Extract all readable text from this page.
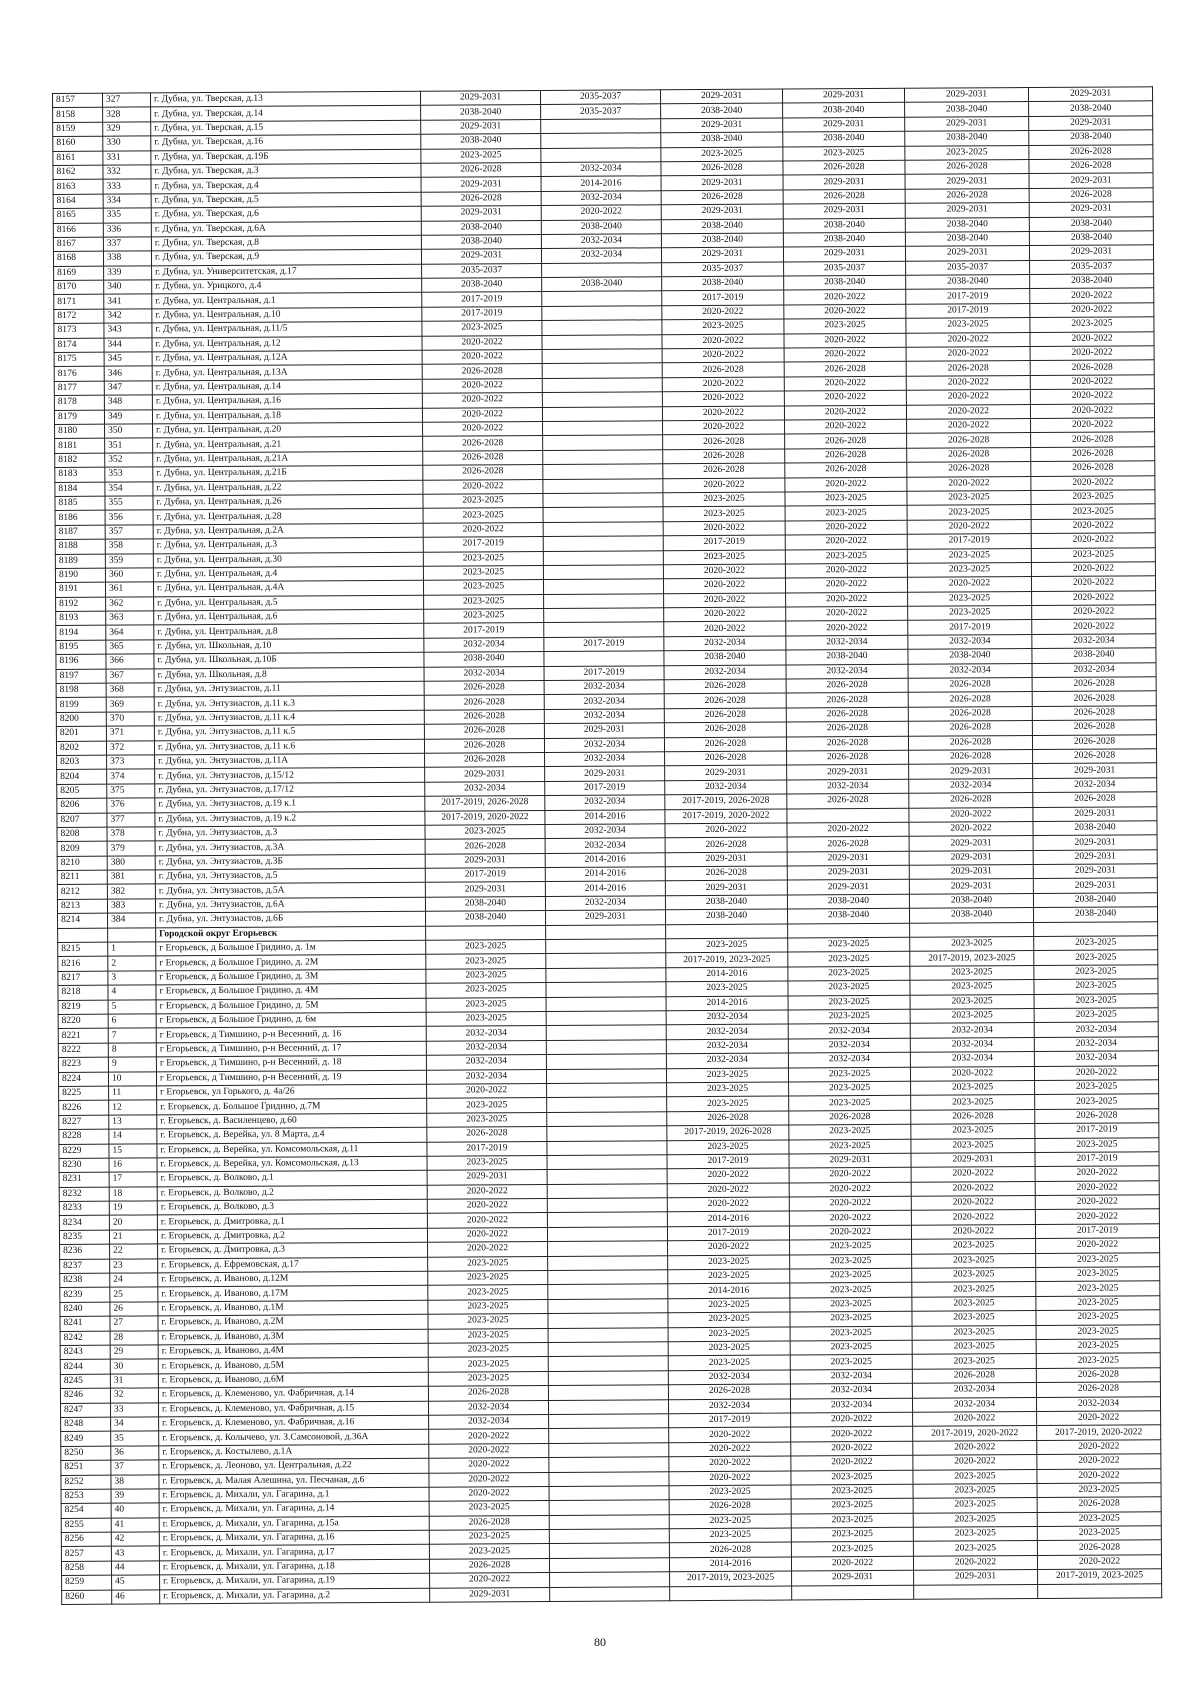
8157	327	г. Дубна, ул. Тверская, д.13	2029-2031	2035-2037	2029-2031	2029-2031	2029-2031	2029-2031
8158	328	г. Дубна, ул. Тверская, д.14	2038-2040	2035-2037	2038-2040	2038-2040	2038-2040	2038-2040
8159	329	г. Дубна, ул. Тверская, д.15	2029-2031		2029-2031	2029-2031	2029-2031	2029-2031
8160	330	г. Дубна, ул. Тверская, д.16	2038-2040		2038-2040	2038-2040	2038-2040	2038-2040
8161	331	г. Дубна, ул. Тверская, д.19Б	2023-2025		2023-2025	2023-2025	2023-2025	2026-2028
8162	332	г. Дубна, ул. Тверская, д.3	2026-2028	2032-2034	2026-2028	2026-2028	2026-2028	2026-2028
8163	333	г. Дубна, ул. Тверская, д.4	2029-2031	2014-2016	2029-2031	2029-2031	2029-2031	2029-2031
8164	334	г. Дубна, ул. Тверская, д.5	2026-2028	2032-2034	2026-2028	2026-2028	2026-2028	2026-2028
8165	335	г. Дубна, ул. Тверская, д.6	2029-2031	2020-2022	2029-2031	2029-2031	2029-2031	2029-2031
8166	336	г. Дубна, ул. Тверская, д.6А	2038-2040	2038-2040	2038-2040	2038-2040	2038-2040	2038-2040
8167	337	г. Дубна, ул. Тверская, д.8	2038-2040	2032-2034	2038-2040	2038-2040	2038-2040	2038-2040
8168	338	г. Дубна, ул. Тверская, д.9	2029-2031	2032-2034	2029-2031	2029-2031	2029-2031	2029-2031
8169	339	г. Дубна, ул. Университетская, д.17	2035-2037		2035-2037	2035-2037	2035-2037	2035-2037
8170	340	г. Дубна, ул. Урицкого, д.4	2038-2040	2038-2040	2038-2040	2038-2040	2038-2040	2038-2040
8171	341	г. Дубна, ул. Центральная, д.1	2017-2019		2017-2019	2020-2022	2017-2019	2020-2022
8172	342	г. Дубна, ул. Центральная, д.10	2017-2019		2020-2022	2020-2022	2017-2019	2020-2022
8173	343	г. Дубна, ул. Центральная, д.11/5	2023-2025		2023-2025	2023-2025	2023-2025	2023-2025
8174	344	г. Дубна, ул. Центральная, д.12	2020-2022		2020-2022	2020-2022	2020-2022	2020-2022
8175	345	г. Дубна, ул. Центральная, д.12А	2020-2022		2020-2022	2020-2022	2020-2022	2020-2022
8176	346	г. Дубна, ул. Центральная, д.13А	2026-2028		2026-2028	2026-2028	2026-2028	2026-2028
8177	347	г. Дубна, ул. Центральная, д.14	2020-2022		2020-2022	2020-2022	2020-2022	2020-2022
8178	348	г. Дубна, ул. Центральная, д.16	2020-2022		2020-2022	2020-2022	2020-2022	2020-2022
8179	349	г. Дубна, ул. Центральная, д.18	2020-2022		2020-2022	2020-2022	2020-2022	2020-2022
8180	350	г. Дубна, ул. Центральная, д.20	2020-2022		2020-2022	2020-2022	2020-2022	2020-2022
8181	351	г. Дубна, ул. Центральная, д.21	2026-2028		2026-2028	2026-2028	2026-2028	2026-2028
8182	352	г. Дубна, ул. Центральная, д.21А	2026-2028		2026-2028	2026-2028	2026-2028	2026-2028
8183	353	г. Дубна, ул. Центральная, д.21Б	2026-2028		2026-2028	2026-2028	2026-2028	2026-2028
8184	354	г. Дубна, ул. Центральная, д.22	2020-2022		2020-2022	2020-2022	2020-2022	2020-2022
8185	355	г. Дубна, ул. Центральная, д.26	2023-2025		2023-2025	2023-2025	2023-2025	2023-2025
8186	356	г. Дубна, ул. Центральная, д.28	2023-2025		2023-2025	2023-2025	2023-2025	2023-2025
8187	357	г. Дубна, ул. Центральная, д.2А	2020-2022		2020-2022	2020-2022	2020-2022	2020-2022
8188	358	г. Дубна, ул. Центральная, д.3	2017-2019		2017-2019	2020-2022	2017-2019	2020-2022
8189	359	г. Дубна, ул. Центральная, д.30	2023-2025		2023-2025	2023-2025	2023-2025	2023-2025
8190	360	г. Дубна, ул. Центральная, д.4	2023-2025		2020-2022	2020-2022	2023-2025	2020-2022
8191	361	г. Дубна, ул. Центральная, д.4А	2023-2025		2020-2022	2020-2022	2020-2022	2020-2022
8192	362	г. Дубна, ул. Центральная, д.5	2023-2025		2020-2022	2020-2022	2023-2025	2020-2022
8193	363	г. Дубна, ул. Центральная, д.6	2023-2025		2020-2022	2020-2022	2023-2025	2020-2022
8194	364	г. Дубна, ул. Центральная, д.8	2017-2019		2020-2022	2020-2022	2017-2019	2020-2022
8195	365	г. Дубна, ул. Школьная, д.10	2032-2034	2017-2019	2032-2034	2032-2034	2032-2034	2032-2034
8196	366	г. Дубна, ул. Школьная, д.10Б	2038-2040		2038-2040	2038-2040	2038-2040	2038-2040
8197	367	г. Дубна, ул. Школьная, д.8	2032-2034	2017-2019	2032-2034	2032-2034	2032-2034	2032-2034
8198	368	г. Дубна, ул. Энтузиастов, д.11	2026-2028	2032-2034	2026-2028	2026-2028	2026-2028	2026-2028
8199	369	г. Дубна, ул. Энтузиастов, д.11 к.3	2026-2028	2032-2034	2026-2028	2026-2028	2026-2028	2026-2028
8200	370	г. Дубна, ул. Энтузиастов, д.11 к.4	2026-2028	2032-2034	2026-2028	2026-2028	2026-2028	2026-2028
8201	371	г. Дубна, ул. Энтузиастов, д.11 к.5	2026-2028	2029-2031	2026-2028	2026-2028	2026-2028	2026-2028
8202	372	г. Дубна, ул. Энтузиастов, д.11 к.6	2026-2028	2032-2034	2026-2028	2026-2028	2026-2028	2026-2028
8203	373	г. Дубна, ул. Энтузиастов, д.11А	2026-2028	2032-2034	2026-2028	2026-2028	2026-2028	2026-2028
8204	374	г. Дубна, ул. Энтузиастов, д.15/12	2029-2031	2029-2031	2029-2031	2029-2031	2029-2031	2029-2031
8205	375	г. Дубна, ул. Энтузиастов, д.17/12	2032-2034	2017-2019	2032-2034	2032-2034	2032-2034	2032-2034
8206	376	г. Дубна, ул. Энтузиастов, д.19 к.1	2017-2019, 2026-2028	2032-2034	2017-2019, 2026-2028	2026-2028	2026-2028	2026-2028
8207	377	г. Дубна, ул. Энтузиастов, д.19 к.2	2017-2019, 2020-2022	2014-2016	2017-2019, 2020-2022		2020-2022	2029-2031
8208	378	г. Дубна, ул. Энтузиастов, д.3	2023-2025	2032-2034	2020-2022	2020-2022	2020-2022	2038-2040
8209	379	г. Дубна, ул. Энтузиастов, д.3А	2026-2028	2032-2034	2026-2028	2026-2028	2029-2031	2029-2031
8210	380	г. Дубна, ул. Энтузиастов, д.3Б	2029-2031	2014-2016	2029-2031	2029-2031	2029-2031	2029-2031
8211	381	г. Дубна, ул. Энтузиастов, д.5	2017-2019	2014-2016	2026-2028	2029-2031	2029-2031	2029-2031
8212	382	г. Дубна, ул. Энтузиастов, д.5А	2029-2031	2014-2016	2029-2031	2029-2031	2029-2031	2029-2031
8213	383	г. Дубна, ул. Энтузиастов, д.6А	2038-2040	2032-2034	2038-2040	2038-2040	2038-2040	2038-2040
8214	384	г. Дубна, ул. Энтузиастов, д.6Б	2038-2040	2029-2031	2038-2040	2038-2040	2038-2040	2038-2040
		Городской округ Егорьевск						
8215	1	г Егорьевск, д Большое Гридино, д. 1м	2023-2025		2023-2025	2023-2025	2023-2025	2023-2025
8216	2	г Егорьевск, д Большое Гридино, д. 2М	2023-2025		2017-2019, 2023-2025	2023-2025	2017-2019, 2023-2025	2023-2025
8217	3	г Егорьевск, д Большое Гридино, д. 3М	2023-2025		2014-2016	2023-2025	2023-2025	2023-2025
8218	4	г Егорьевск, д Большое Гридино, д. 4М	2023-2025		2023-2025	2023-2025	2023-2025	2023-2025
8219	5	г Егорьевск, д Большое Гридино, д. 5М	2023-2025		2014-2016	2023-2025	2023-2025	2023-2025
8220	6	г Егорьевск, д Большое Гридино, д. 6м	2023-2025		2032-2034	2023-2025	2023-2025	2023-2025
8221	7	г Егорьевск, д Тимшино, р-н Весенний, д. 16	2032-2034		2032-2034	2032-2034	2032-2034	2032-2034
8222	8	г Егорьевск, д Тимшино, р-н Весенний, д. 17	2032-2034		2032-2034	2032-2034	2032-2034	2032-2034
8223	9	г Егорьевск, д Тимшино, р-н Весенний, д. 18	2032-2034		2032-2034	2032-2034	2032-2034	2032-2034
8224	10	г Егорьевск, д Тимшино, р-н Весенний, д. 19	2032-2034		2023-2025	2023-2025	2020-2022	2020-2022
8225	11	г Егорьевск, ул Горького, д. 4а/26	2020-2022		2023-2025	2023-2025	2023-2025	2023-2025
8226	12	г. Егорьевск, д. Большое Гридино, д.7М	2023-2025		2023-2025	2023-2025	2023-2025	2023-2025
8227	13	г. Егорьевск, д. Василенцево, д.60	2023-2025		2026-2028	2026-2028	2026-2028	2026-2028
8228	14	г. Егорьевск, д. Верейка, ул. 8 Марта, д.4	2026-2028		2017-2019, 2026-2028	2023-2025	2023-2025	2017-2019
8229	15	г. Егорьевск, д. Верейка, ул. Комсомольская, д.11	2017-2019		2023-2025	2023-2025	2023-2025	2023-2025
8230	16	г. Егорьевск, д. Верейка, ул. Комсомольская, д.13	2023-2025		2017-2019	2029-2031	2029-2031	2017-2019
8231	17	г. Егорьевск, д. Волково, д.1	2029-2031		2020-2022	2020-2022	2020-2022	2020-2022
8232	18	г. Егорьевск, д. Волково, д.2	2020-2022		2020-2022	2020-2022	2020-2022	2020-2022
8233	19	г. Егорьевск, д. Волково, д.3	2020-2022		2020-2022	2020-2022	2020-2022	2020-2022
8234	20	г. Егорьевск, д. Дмитровка, д.1	2020-2022		2014-2016	2020-2022	2020-2022	2020-2022
8235	21	г. Егорьевск, д. Дмитровка, д.2	2020-2022		2017-2019	2020-2022	2020-2022	2017-2019
8236	22	г. Егорьевск, д. Дмитровка, д.3	2020-2022		2020-2022	2023-2025	2023-2025	2020-2022
8237	23	г. Егорьевск, д. Ефремовская, д.17	2023-2025		2023-2025	2023-2025	2023-2025	2023-2025
8238	24	г. Егорьевск, д. Иваново, д.12М	2023-2025		2023-2025	2023-2025	2023-2025	2023-2025
8239	25	г. Егорьевск, д. Иваново, д.17М	2023-2025		2014-2016	2023-2025	2023-2025	2023-2025
8240	26	г. Егорьевск, д. Иваново, д.1М	2023-2025		2023-2025	2023-2025	2023-2025	2023-2025
8241	27	г. Егорьевск, д. Иваново, д.2М	2023-2025		2023-2025	2023-2025	2023-2025	2023-2025
8242	28	г. Егорьевск, д. Иваново, д.3М	2023-2025		2023-2025	2023-2025	2023-2025	2023-2025
8243	29	г. Егорьевск, д. Иваново, д.4М	2023-2025		2023-2025	2023-2025	2023-2025	2023-2025
8244	30	г. Егорьевск, д. Иваново, д.5М	2023-2025		2023-2025	2023-2025	2023-2025	2023-2025
8245	31	г. Егорьевск, д. Иваново, д.6М	2023-2025		2032-2034	2032-2034	2026-2028	2026-2028
8246	32	г. Егорьевск, д. Клеменово, ул. Фабричная, д.14	2026-2028		2026-2028	2032-2034	2032-2034	2026-2028
8247	33	г. Егорьевск, д. Клеменово, ул. Фабричная, д.15	2032-2034		2032-2034	2032-2034	2032-2034	2032-2034
8248	34	г. Егорьевск, д. Клеменово, ул. Фабричная, д.16	2032-2034		2017-2019	2020-2022	2020-2022	2020-2022
8249	35	г. Егорьевск, д. Колычево, ул. З.Самсоновой, д.36А	2020-2022		2020-2022	2020-2022	2017-2019, 2020-2022	2017-2019, 2020-2022
8250	36	г. Егорьевск, д. Костылево, д.1А	2020-2022		2020-2022	2020-2022	2020-2022	2020-2022
8251	37	г. Егорьевск, д. Леоново, ул. Центральная, д.22	2020-2022		2020-2022	2020-2022	2020-2022	2020-2022
8252	38	г. Егорьевск, д. Малая Алешина, ул. Песчаная, д.6	2020-2022		2020-2022	2023-2025	2023-2025	2020-2022
8253	39	г. Егорьевск, д. Михали, ул. Гагарина, д.1	2020-2022		2023-2025	2023-2025	2023-2025	2023-2025
8254	40	г. Егорьевск, д. Михали, ул. Гагарина, д.14	2023-2025		2026-2028	2023-2025	2023-2025	2026-2028
8255	41	г. Егорьевск, д. Михали, ул. Гагарина, д.15а	2026-2028		2023-2025	2023-2025	2023-2025	2023-2025
8256	42	г. Егорьевск, д. Михали, ул. Гагарина, д.16	2023-2025		2023-2025	2023-2025	2023-2025	2023-2025
8257	43	г. Егорьевск, д. Михали, ул. Гагарина, д.17	2023-2025		2026-2028	2023-2025	2023-2025	2026-2028
8258	44	г. Егорьевск, д. Михали, ул. Гагарина, д.18	2026-2028		2014-2016	2020-2022	2020-2022	2020-2022
8259	45	г. Егорьевск, д. Михали, ул. Гагарина, д.19	2020-2022		2017-2019, 2023-2025	2029-2031	2029-2031	2017-2019, 2023-2025
8260	46	г. Егорьевск, д. Михали, ул. Гагарина, д.2	2029-2031					
80
